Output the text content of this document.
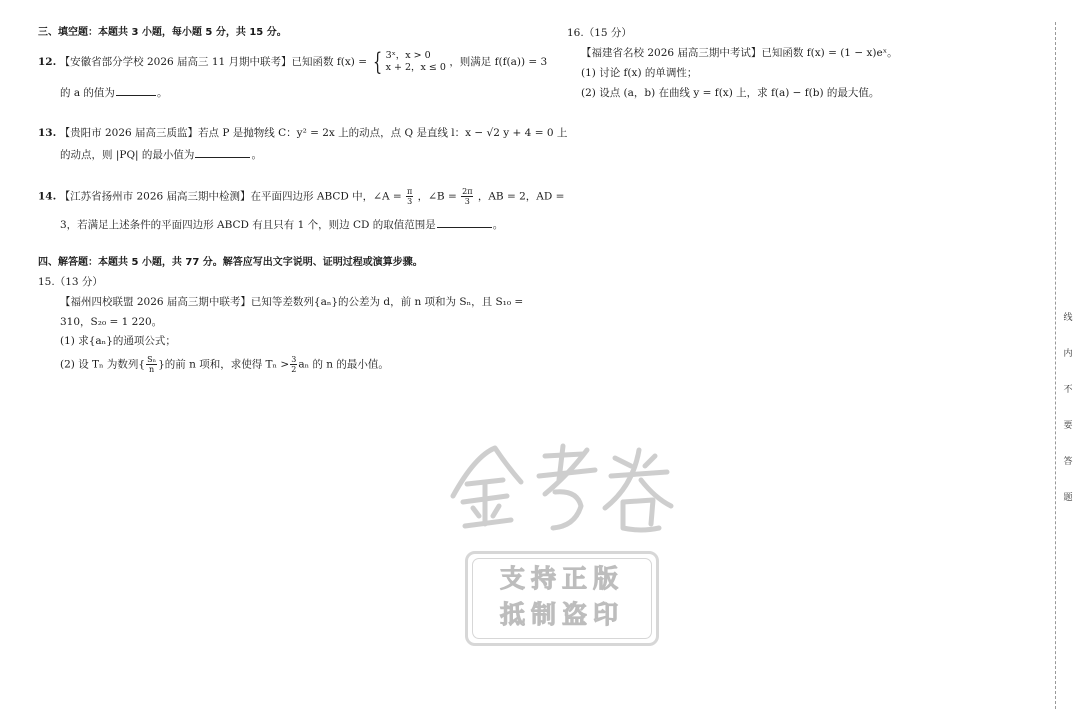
三、填空题：本题共 3 小题，每小题 5 分，共 15 分。
12. 【安徽省部分学校 2026 届高三 11 月期中联考】已知函数 f(x) = { 3ˣ，x > 0
x + 2，x ≤ 0 ，则满足 f(f(a)) = 3
的 a 的值为	。
13. 【贵阳市 2026 届高三质监】若点 P 是抛物线 C：y² = 2x 上的动点，点 Q 是直线 l：x − √2 y + 4 = 0 上
的动点，则 |PQ| 的最小值为	。
14. 【江苏省扬州市 2026 届高三期中检测】在平面四边形 ABCD 中，∠A = $\frac{\pi}{3}$ ，∠B = $\frac{2\pi}{3}$ ，AB = 2，AD =
3，若满足上述条件的平面四边形 ABCD 有且只有 1 个，则边 CD 的取值范围是	。
四、解答题：本题共 5 小题，共 77 分。解答应写出文字说明、证明过程或演算步骤。
15.（13 分）
【福州四校联盟 2026 届高三期中联考】已知等差数列{aₙ}的公差为 d，前 n 项和为 Sₙ，且 S₁₀ =
310，S₂₀ = 1 220。
(1) 求{aₙ}的通项公式；
(2) 设 Tₙ 为数列{ $\frac{\text{Sₙ}}{n}$ }的前 n 项和，求使得 $T_n > \frac{3}{2}$ aₙ 的 n 的最小值。
16.（15 分）
【福建省名校 2026 届高三期中考试】已知函数 f(x) = (1 − x)eˣ。
(1) 讨论 f(x) 的单调性；
(2) 设点 (a，b) 在曲线 y = f(x) 上，求 f(a) − f(b) 的最大值。
线
内
不
要
答
题
支持正版
抵制盗印
